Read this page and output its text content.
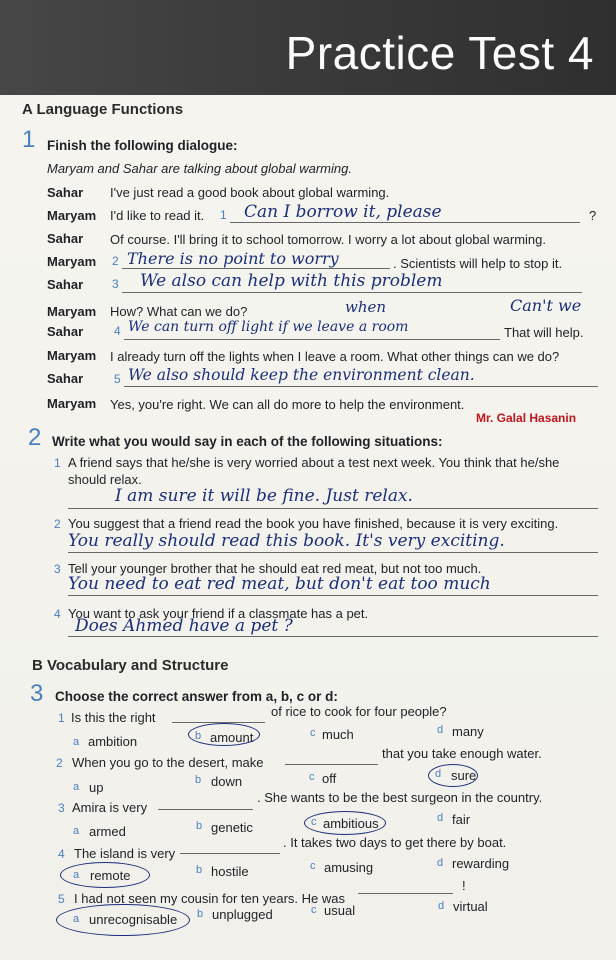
Practice Test 4
A Language Functions
1 Finish the following dialogue:
Maryam and Sahar are talking about global warming.
Sahar I've just read a good book about global warming.
Maryam I'd like to read it. 1 Can I borrow it, please	?
Sahar Of course. I'll bring it to school tomorrow. I worry a lot about global warming.
Maryam 2 There is no point to worry	. Scientists will help to stop it.
Sahar 3 We also can help with this problem
Maryam How? What can we do?	when	Can't we
Sahar	4 We can turn off light if we leave a room	That will help.
Maryam I already turn off the lights when I leave a room. What other things can we do?
Sahar	5 We also should keep the environment clean.
Maryam Yes, you're right. We can all do more to help the environment.
Mr. Galal Hasanin
2 Write what you would say in each of the following situations:
1 A friend says that he/she is very worried about a test next week. You think that he/she
should relax.
I am sure it will be fine. Just relax.
2 You suggest that a friend read the book you have finished, because it is very exciting.
You really should read this book. It's very exciting.
3 Tell your younger brother that he should eat red meat, but not too much.
You need to eat red meat, but don't eat too much
4 You want to ask your friend if a classmate has a pet.
Does Ahmed have a pet ?
B Vocabulary and Structure
3 Choose the correct answer from a, b, c or d:
1 Is this the right	of rice to cook for four people?
a ambition	b amount	c much	d many
2 When you go to the desert, make
that you take enough water.
a up	b down	c off	d sure
3 Amira is very
. She wants to be the best surgeon in the country.
a armed	b genetic	c ambitious	d fair
4 The island is very
. It takes two days to get there by boat.
a remote	b hostile	c amusing	d rewarding
5 I had not seen my cousin for ten years. He was
!
a unrecognisable b unplugged	c usual	d virtual
